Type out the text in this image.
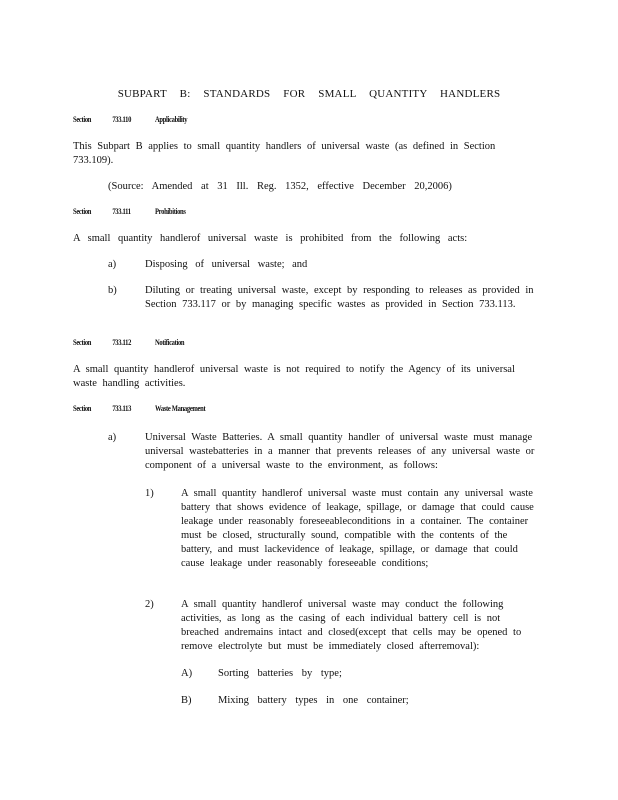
SUBPART B: STANDARDS FOR SMALL QUANTITY HANDLERS
Section	733.110	Applicability
This Subpart B applies to small quantity handlers of universal waste (as defined in Section 733.109).
(Source: Amended at 31 Ill. Reg. 1352, effective December 20,2006)
Section	733.111	Prohibitions
A small quantity handlerof universal waste is prohibited from the following acts:
a)	Disposing of universal waste; and
b)	Diluting or treating universal waste, except by responding to releases as provided in Section 733.117 or by managing specific wastes as provided in Section 733.113.
Section	733.112	Notification
A small quantity handlerof universal waste is not required to notify the Agency of its universal waste handling activities.
Section	733.113	Waste Management
a)	Universal Waste Batteries. A small quantity handler of universal waste must manage universal wastebatteries in a manner that prevents releases of any universal waste or component of a universal waste to the environment, as follows:
1)	A small quantity handlerof universal waste must contain any universal waste battery that shows evidence of leakage, spillage, or damage that could cause leakage under reasonably foreseeableconditions in a container. The container must be closed, structurally sound, compatible with the contents of the battery, and must lackevidence of leakage, spillage, or damage that could cause leakage under reasonably foreseeable conditions;
2)	A small quantity handlerof universal waste may conduct the following activities, as long as the casing of each individual battery cell is not breached andremains intact and closed(except that cells may be opened to remove electrolyte but must be immediately closed afterremoval):
A) Sorting batteries by type;
B)	Mixing battery types in one container;
